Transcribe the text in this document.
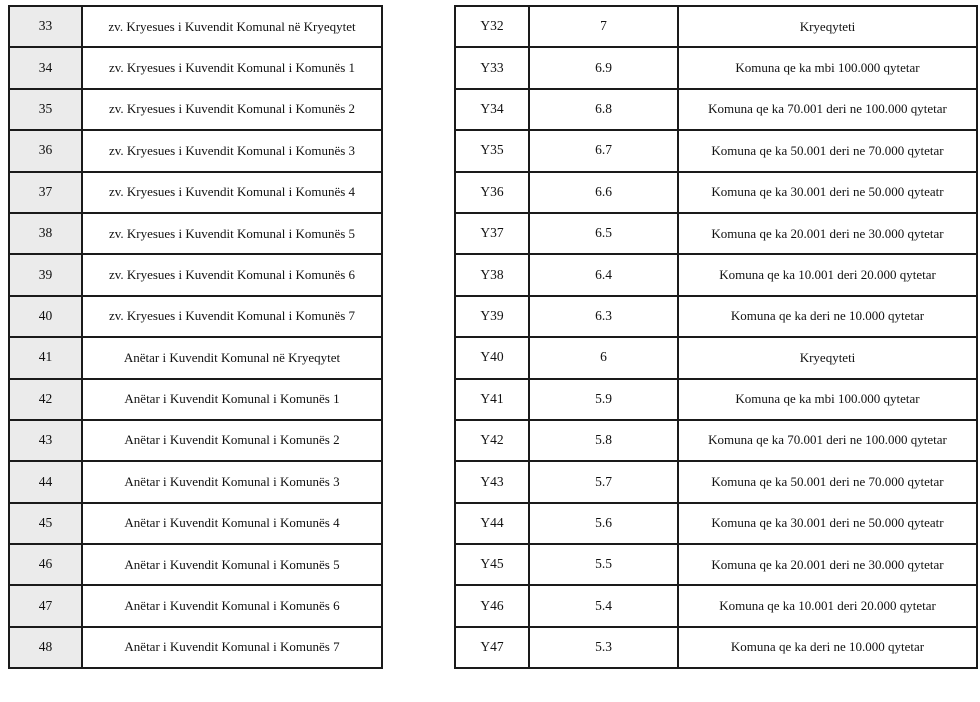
33	zv. Kryesues i Kuvendit Komunal në Kryeqytet
34	zv. Kryesues i Kuvendit Komunal i Komunës 1
35	zv. Kryesues i Kuvendit Komunal i Komunës 2
36	zv. Kryesues i Kuvendit Komunal i Komunës 3
37	zv. Kryesues i Kuvendit Komunal i Komunës 4
38	zv. Kryesues i Kuvendit Komunal i Komunës 5
39	zv. Kryesues i Kuvendit Komunal i Komunës 6
40	zv. Kryesues i Kuvendit Komunal i Komunës 7
41	Anëtar i Kuvendit Komunal në Kryeqytet
42	Anëtar i Kuvendit Komunal i Komunës 1
43	Anëtar i Kuvendit Komunal i Komunës 2
44	Anëtar i Kuvendit Komunal i Komunës 3
45	Anëtar i Kuvendit Komunal i Komunës 4
46	Anëtar i Kuvendit Komunal i Komunës 5
47	Anëtar i Kuvendit Komunal i Komunës 6
48	Anëtar i Kuvendit Komunal i Komunës 7
Y32	7	Kryeqyteti
Y33	6.9	Komuna qe ka mbi 100.000 qytetar
Y34	6.8	Komuna qe ka 70.001 deri ne 100.000 qytetar
Y35	6.7	Komuna qe ka 50.001 deri ne 70.000 qytetar
Y36	6.6	Komuna qe ka 30.001 deri ne 50.000 qyteatr
Y37	6.5	Komuna qe ka 20.001 deri ne 30.000 qytetar
Y38	6.4	Komuna qe ka 10.001 deri 20.000 qytetar
Y39	6.3	Komuna qe ka deri ne 10.000 qytetar
Y40	6	Kryeqyteti
Y41	5.9	Komuna qe ka mbi 100.000 qytetar
Y42	5.8	Komuna qe ka 70.001 deri ne 100.000 qytetar
Y43	5.7	Komuna qe ka 50.001 deri ne 70.000 qytetar
Y44	5.6	Komuna qe ka 30.001 deri ne 50.000 qyteatr
Y45	5.5	Komuna qe ka 20.001 deri ne 30.000 qytetar
Y46	5.4	Komuna qe ka 10.001 deri 20.000 qytetar
Y47	5.3	Komuna qe ka deri ne 10.000 qytetar
